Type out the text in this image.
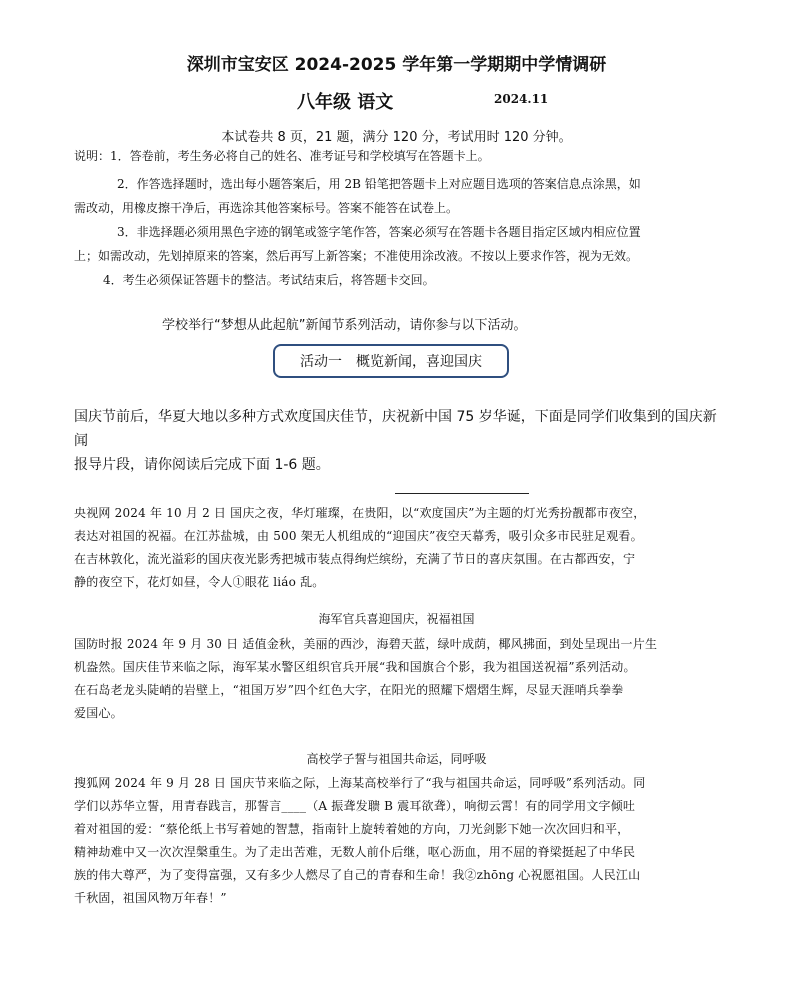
深圳市宝安区 2024-2025 学年第一学期期中学情调研
八年级 语文	2024.11
本试卷共 8 页，21 题，满分 120 分，考试用时 120 分钟。
说明：1．答卷前，考生务必将自己的姓名、准考证号和学校填写在答题卡上。
2．作答选择题时，选出每小题答案后，用 2B 铅笔把答题卡上对应题目选项的答案信息点涂黑，如
需改动，用橡皮擦干净后，再选涂其他答案标号。答案不能答在试卷上。
3．非选择题必须用黑色字迹的钢笔或签字笔作答，答案必须写在答题卡各题目指定区域内相应位置
上；如需改动，先划掉原来的答案，然后再写上新答案；不准使用涂改液。不按以上要求作答，视为无效。
4．考生必须保证答题卡的整洁。考试结束后，将答题卡交回。
学校举行“梦想从此起航”新闻节系列活动，请你参与以下活动。
活动一　概览新闻，喜迎国庆
国庆节前后，华夏大地以多种方式欢度国庆佳节，庆祝新中国 75 岁华诞，下面是同学们收集到的国庆新闻
报导片段，请你阅读后完成下面 1-6 题。
央视网 2024 年 10 月 2 日 国庆之夜，华灯璀璨，在贵阳，以“欢度国庆”为主题的灯光秀扮靓都市夜空，
表达对祖国的祝福。在江苏盐城，由 500 架无人机组成的“迎国庆”夜空天幕秀，吸引众多市民驻足观看。
在吉林敦化，流光溢彩的国庆夜光影秀把城市装点得绚烂缤纷，充满了节日的喜庆氛围。在古都西安，宁
静的夜空下，花灯如昼，令人①眼花 liáo 乱。
海军官兵喜迎国庆，祝福祖国
国防时报 2024 年 9 月 30 日 适值金秋，美丽的西沙，海碧天蓝，绿叶成荫，椰风拂面，到处呈现出一片生
机盎然。国庆佳节来临之际，海军某水警区组织官兵开展“我和国旗合个影，我为祖国送祝福”系列活动。
在石岛老龙头陡峭的岩壁上，“祖国万岁”四个红色大字，在阳光的照耀下熠熠生辉，尽显天涯哨兵拳拳
爱国心。
高校学子誓与祖国共命运，同呼吸
搜狐网 2024 年 9 月 28 日 国庆节来临之际，上海某高校举行了“我与祖国共命运，同呼吸”系列活动。同
学们以苏华立誓，用青春践言，那誓言____（A 振聋发聩 B 震耳欲聋），响彻云霄！有的同学用文字倾吐
着对祖国的爱：“蔡伦纸上书写着她的智慧，指南针上旋转着她的方向，刀光剑影下她一次次回归和平，
精神劫难中又一次次涅槃重生。为了走出苦难，无数人前仆后继，呕心沥血，用不屈的脊梁挺起了中华民
族的伟大尊严，为了变得富强，又有多少人燃尽了自己的青春和生命！我②zhōng 心祝愿祖国。人民江山
千秋固，祖国风物万年春！”
